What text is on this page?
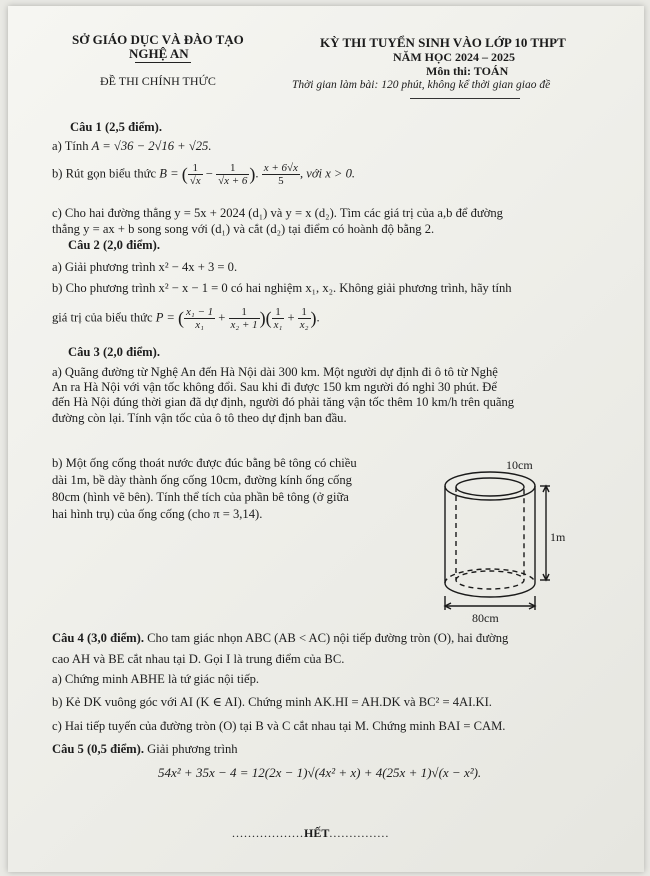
SỞ GIÁO DỤC VÀ ĐÀO TẠO
NGHỆ AN
ĐỀ THI CHÍNH THỨC
KỲ THI TUYỂN SINH VÀO LỚP 10 THPT
NĂM HỌC 2024 – 2025
Môn thi: TOÁN
Thời gian làm bài: 120 phút, không kể thời gian giao đề
Câu 1 (2,5 điểm).
a) Tính A = √36 − 2√16 + √25.
b) Rút gọn biểu thức B = ( $\frac{1}{√x} - \frac{1}{√x + 6}$ ). $\frac{x + 6√x}{5}$ , với x > 0.
c) Cho hai đường thẳng y = 5x + 2024 (d₁) và y = x (d₂). Tìm các giá trị của a,b để đường
thẳng y = ax + b song song với (d₁) và cắt (d₂) tại điểm có hoành độ bằng 2.
Câu 2 (2,0 điểm).
a) Giải phương trình x² − 4x + 3 = 0.
b) Cho phương trình x² − x − 1 = 0 có hai nghiệm x₁, x₂. Không giải phương trình, hãy tính
giá trị của biểu thức P = ( $\frac{\text{x₁ − 1}}{\text{x₁}} + \frac{1}{\text{x₂ + 1}}$ )( $\frac{1}{\text{x₁}} + \frac{1}{\text{x₂}}$ ).
Câu 3 (2,0 điểm).
a) Quãng đường từ Nghệ An đến Hà Nội dài 300 km. Một người dự định đi ô tô từ Nghệ
An ra Hà Nội với vận tốc không đổi. Sau khi đi được 150 km người đó nghỉ 30 phút. Để
đến Hà Nội đúng thời gian đã dự định, người đó phải tăng vận tốc thêm 10 km/h trên quãng
đường còn lại. Tính vận tốc của ô tô theo dự định ban đầu.
b) Một ống cống thoát nước được đúc bằng bê tông có chiều
dài 1m, bề dày thành ống cống 10cm, đường kính ống cống
80cm (hình vẽ bên). Tính thể tích của phần bê tông (ở giữa
hai hình trụ) của ống cống (cho π = 3,14).
10cm
1m
80cm
Câu 4 (3,0 điểm). Cho tam giác nhọn ABC (AB < AC) nội tiếp đường tròn (O), hai đường
cao AH và BE cắt nhau tại D. Gọi I là trung điểm của BC.
a) Chứng minh ABHE là tứ giác nội tiếp.
b) Kẻ DK vuông góc với AI (K ∈ AI). Chứng minh AK.HI = AH.DK và BC² = 4AI.KI.
c) Hai tiếp tuyến của đường tròn (O) tại B và C cắt nhau tại M. Chứng minh BAI = CAM.
Câu 5 (0,5 điểm). Giải phương trình
54x² + 35x − 4 = 12(2x − 1)√(4x² + x) + 4(25x + 1)√(x − x²).
..................HẾT...............
